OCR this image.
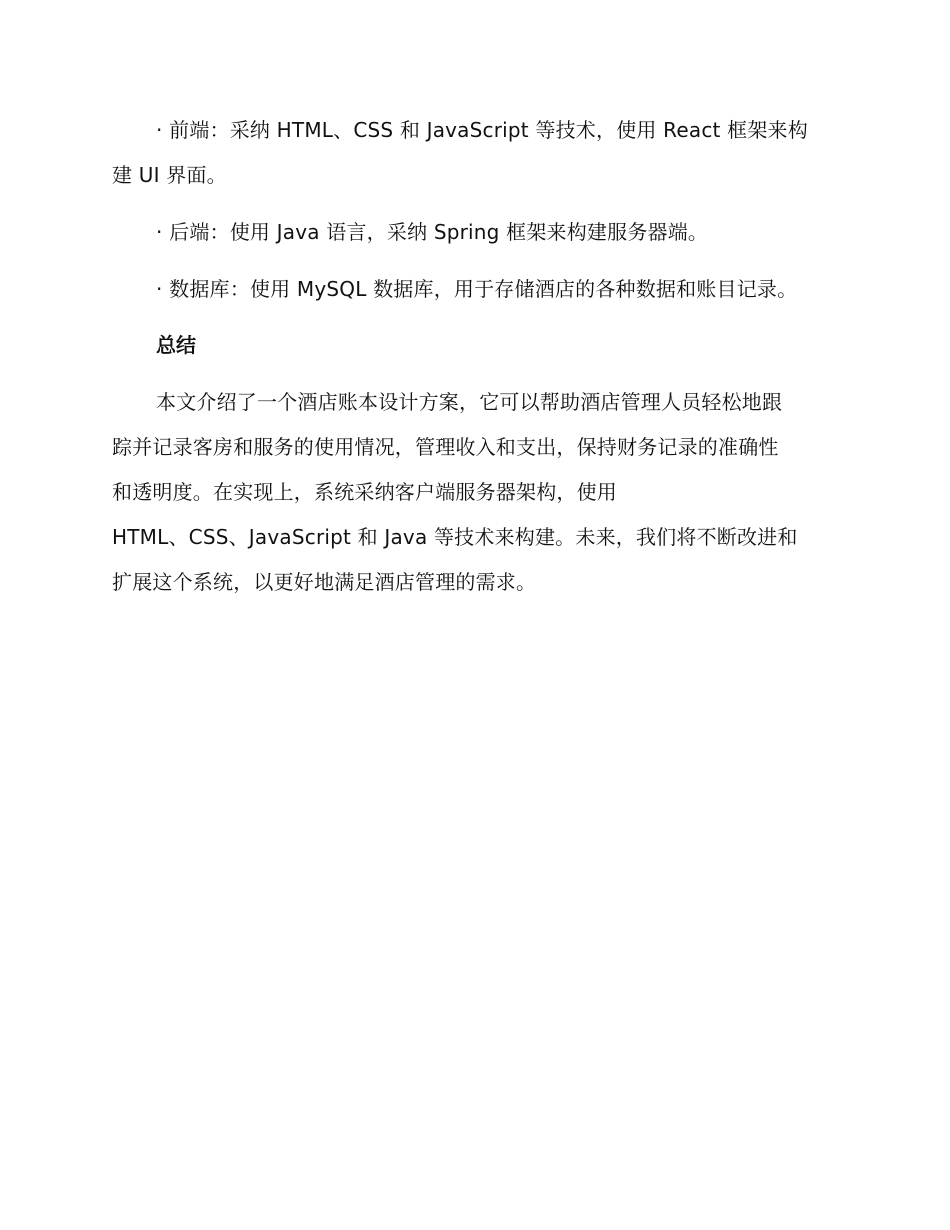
· 前端：采纳 HTML、CSS 和 JavaScript 等技术，使用 React 框架来构
建 UI 界面。
· 后端：使用 Java 语言，采纳 Spring 框架来构建服务器端。
· 数据库：使用 MySQL 数据库，用于存储酒店的各种数据和账目记录。
总结
本文介绍了一个酒店账本设计方案，它可以帮助酒店管理人员轻松地跟
踪并记录客房和服务的使用情况，管理收入和支出，保持财务记录的准确性
和透明度。在实现上，系统采纳客户端服务器架构，使用
HTML、CSS、JavaScript 和 Java 等技术来构建。未来，我们将不断改进和
扩展这个系统，以更好地满足酒店管理的需求。
